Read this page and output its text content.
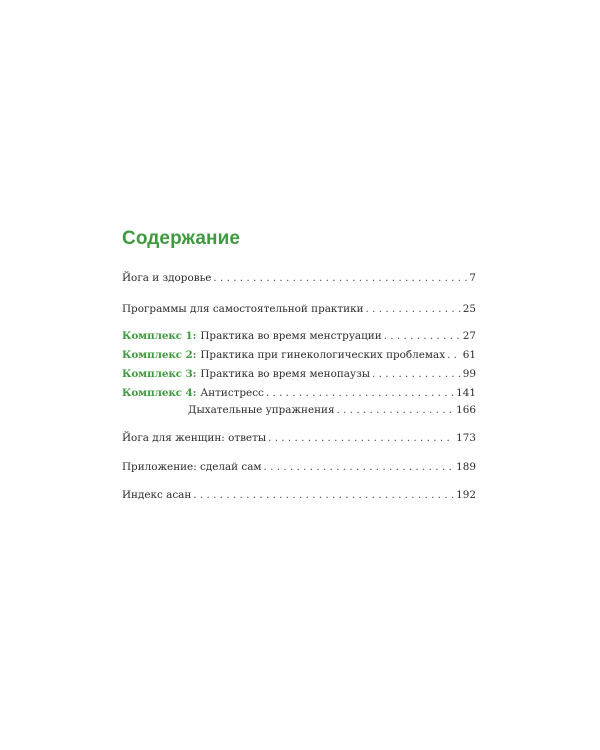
Содержание
Йога и здоровье . . .	7
Программы для самостоятельной практики . . .	25
Комплекс 1: Практика во время менструации . . .	27
Комплекс 2: Практика при гинекологических проблемах . . . 61
Комплекс 3: Практика во время менопаузы . . .	99
Комплекс 4: Антистресс . . .	141
Дыхательные упражнения . . .	166
Йога для женщин: ответы . . .	173
Приложение: сделай сам . . .	189
Индекс асан . . .	192
